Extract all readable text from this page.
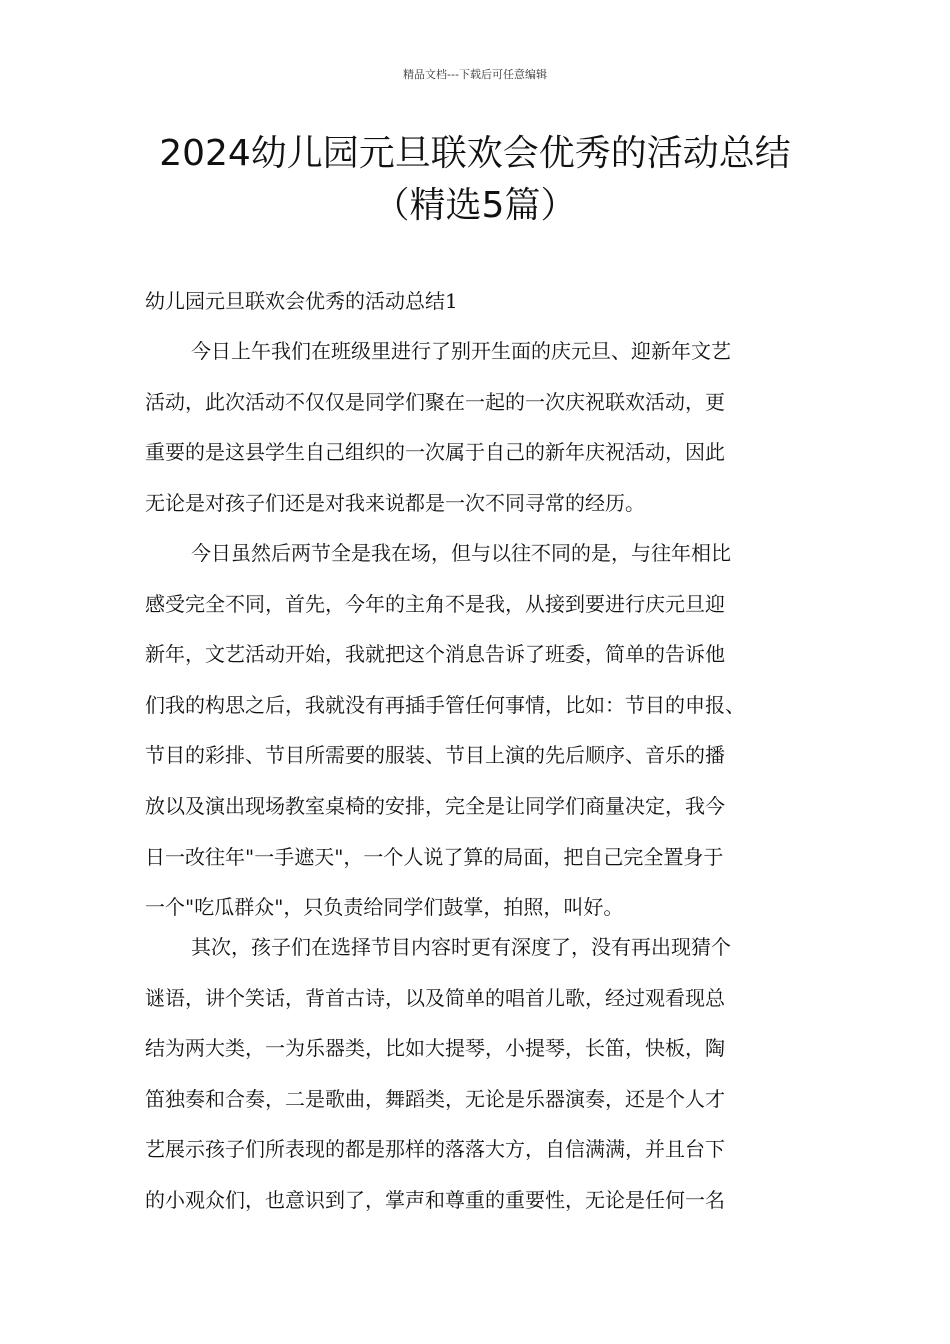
精品文档---下载后可任意编辑
2024幼儿园元旦联欢会优秀的活动总结
（精选5篇）
幼儿园元旦联欢会优秀的活动总结1
今日上午我们在班级里进行了别开生面的庆元旦、迎新年文艺
活动，此次活动不仅仅是同学们聚在一起的一次庆祝联欢活动，更
重要的是这县学生自己组织的一次属于自己的新年庆祝活动，因此
无论是对孩子们还是对我来说都是一次不同寻常的经历。
今日虽然后两节全是我在场，但与以往不同的是，与往年相比
感受完全不同，首先，今年的主角不是我，从接到要进行庆元旦迎
新年，文艺活动开始，我就把这个消息告诉了班委，简单的告诉他
们我的构思之后，我就没有再插手管任何事情，比如：节目的申报、
节目的彩排、节目所需要的服装、节目上演的先后顺序、音乐的播
放以及演出现场教室桌椅的安排，完全是让同学们商量决定，我今
日一改往年"一手遮天"，一个人说了算的局面，把自己完全置身于
一个"吃瓜群众"，只负责给同学们鼓掌，拍照，叫好。
其次，孩子们在选择节目内容时更有深度了，没有再出现猜个
谜语，讲个笑话，背首古诗，以及简单的唱首儿歌，经过观看现总
结为两大类，一为乐器类，比如大提琴，小提琴，长笛，快板，陶
笛独奏和合奏，二是歌曲，舞蹈类，无论是乐器演奏，还是个人才
艺展示孩子们所表现的都是那样的落落大方，自信满满，并且台下
的小观众们，也意识到了，掌声和尊重的重要性，无论是任何一名
